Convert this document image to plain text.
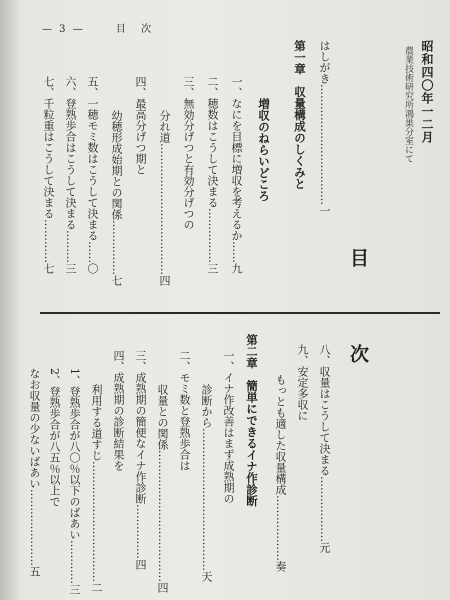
— 3 —	目 次
昭和四〇年一二月
農業技術研究所鴻巣分室にて
目
次
はしがき……………………………一
第一章　収量構成のしくみと
増収のねらいどころ
一、なにを目標に増収を考えるか……九
二、穂数はこうして決まる……………三
三、無効分げつと有効分げつの
分れ道………………………………四
四、最高分げつ期と
幼穂形成始期との関係……………七
五、一穂モミ数はこうして決まる……〇
六、登熟歩合はこうして決まる………三
七、千粒重はこうして決まる…………七
八、収量はこうして決まる………………元
九、安定多収に
もっとも適した収量構成………………奏
第二章　簡単にできるイナ作診断
一、イナ作改善はまず成熟期の
診断から…………………………………天
二、モミ数と登熟歩合は
収量との関係………………………………四
三、成熟期の簡便なイナ作診断……………四
四、成熟期の診断結果を
利用する道すじ……………………………二
1、登熟歩合が八〇％以下のばあい…………三
2、登熟歩合が八五％以上で
なお収量の少ないばあい…………………五
